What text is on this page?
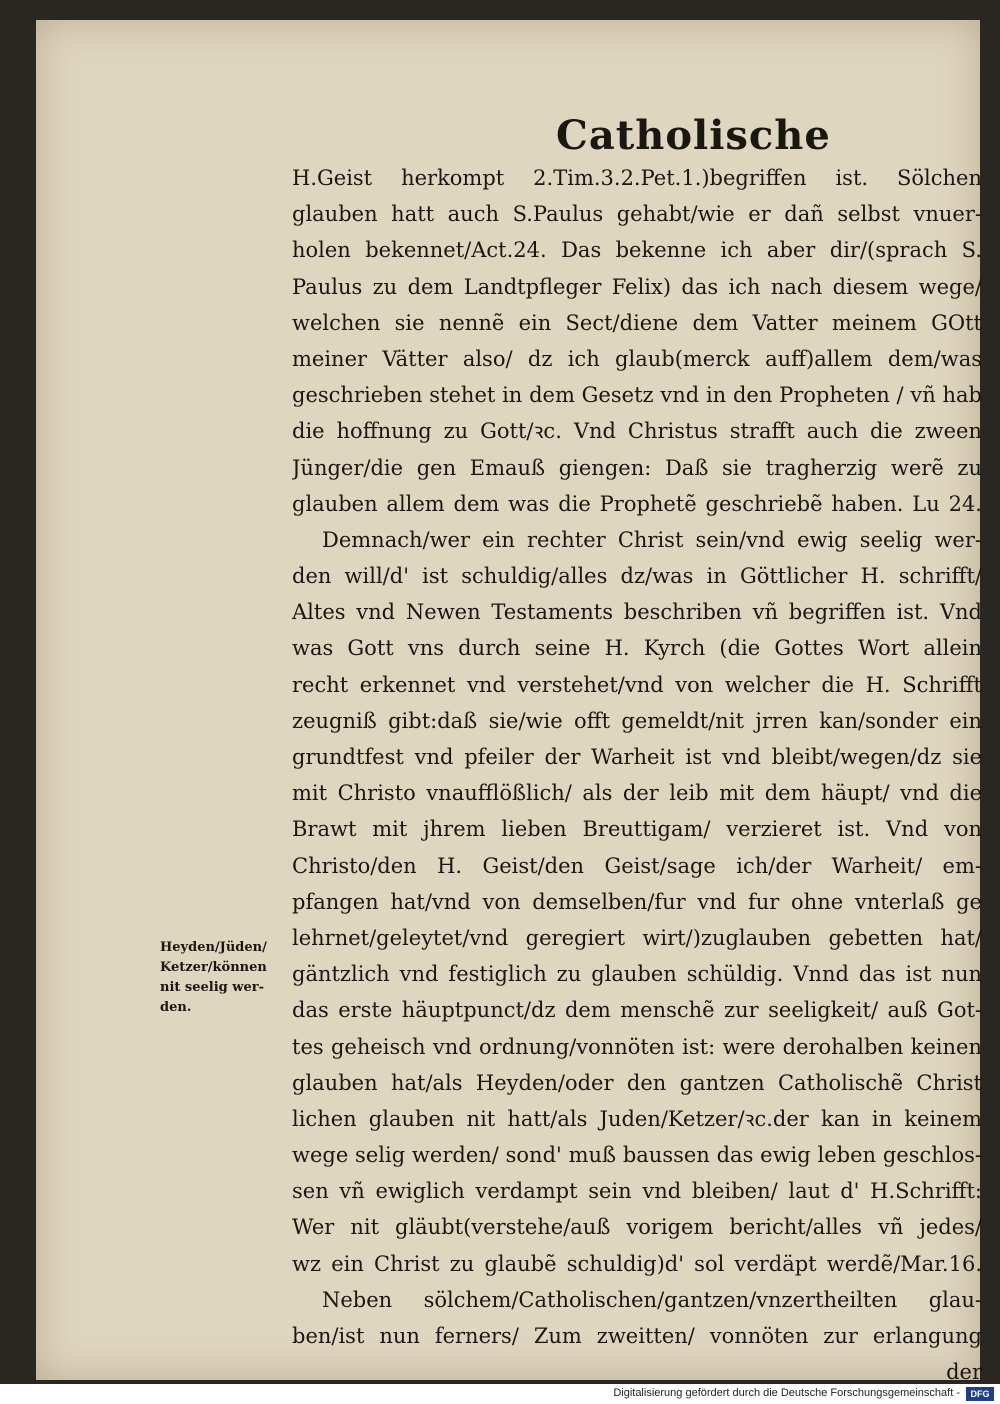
Catholische
H.Geist herkompt 2.Tim.3.2.Pet.1.)begriffen ist. Sölchen
glauben hatt auch S.Paulus gehabt/wie er dañ selbst vnuer-
holen bekennet/Act.24. Das bekenne ich aber dir/(sprach S.
Paulus zu dem Landtpfleger Felix) das ich nach diesem wege/
welchen sie nennẽ ein Sect/diene dem Vatter meinem GOtt
meiner Vätter also/ dz ich glaub(merck auff)allem dem/was
geschrieben stehet in dem Gesetz vnd in den Propheten / vñ hab
die hoffnung zu Gott/ꝛc. Vnd Christus strafft auch die zween
Jünger/die gen Emauß giengen: Daß sie tragherzig werẽ zu
glauben allem dem was die Prophetẽ geschriebẽ haben. Lu 24.
Demnach/wer ein rechter Christ sein/vnd ewig seelig wer-
den will/d' ist schuldig/alles dz/was in Göttlicher H. schrifft/
Altes vnd Newen Testaments beschriben vñ begriffen ist. Vnd
was Gott vns durch seine H. Kyrch (die Gottes Wort allein
recht erkennet vnd verstehet/vnd von welcher die H. Schrifft
zeugniß gibt:daß sie/wie offt gemeldt/nit jrren kan/sonder ein
grundtfest vnd pfeiler der Warheit ist vnd bleibt/wegen/dz sie
mit Christo vnaufflößlich/ als der leib mit dem häupt/ vnd die
Brawt mit jhrem lieben Breuttigam/ verzieret ist. Vnd von
Christo/den H. Geist/den Geist/sage ich/der Warheit/ em-
pfangen hat/vnd von demselben/fur vnd fur ohne vnterlaß ge
lehrnet/geleytet/vnd geregiert wirt/)zuglauben gebetten hat/
gäntzlich vnd festiglich zu glauben schüldig. Vnnd das ist nun
das erste häuptpunct/dz dem menschẽ zur seeligkeit/ auß Got-
tes geheisch vnd ordnung/vonnöten ist: were derohalben keinen
glauben hat/als Heyden/oder den gantzen Catholischẽ Christ
lichen glauben nit hatt/als Juden/Ketzer/ꝛc.der kan in keinem
wege selig werden/ sond' muß baussen das ewig leben geschlos-
sen vñ ewiglich verdampt sein vnd bleiben/ laut d' H.Schrifft:
Wer nit gläubt(verstehe/auß vorigem bericht/alles vñ jedes/
wz ein Christ zu glaubẽ schuldig)d' sol verdäpt werdẽ/Mar.16.
Neben sölchem/Catholischen/gantzen/vnzertheilten glau-
ben/ist nun ferners/ Zum zweitten/ vonnöten zur erlangung
der
Heyden/Jüden/
Ketzer/können
nit seelig wer-
den.
Digitalisierung gefördert durch die Deutsche Forschungsgemeinschaft -	DFG
